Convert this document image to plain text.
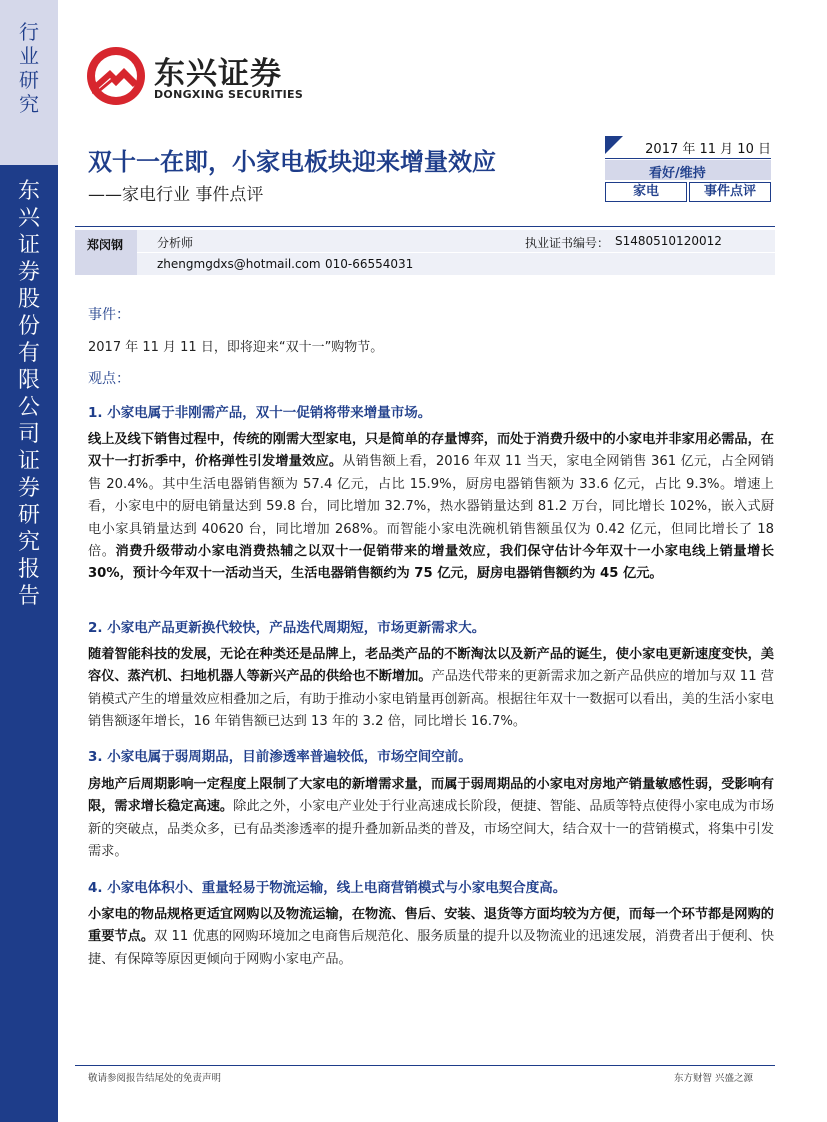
行
业
研
究
东
兴
证
券
股
份
有
限
公
司
证
券
研
究
报
告
东兴证券
DONGXING SECURITIES
双十一在即，小家电板块迎来增量效应
——家电行业 事件点评
2017 年 11 月 10 日
看好/维持
家电	事件点评
郑闵钢	分析师	执业证书编号： S1480510120012
zhengmgdxs@hotmail.com 010-66554031
事件：
2017 年 11 月 11 日，即将迎来“双十一”购物节。
观点：
1. 小家电属于非刚需产品，双十一促销将带来增量市场。
线上及线下销售过程中，传统的刚需大型家电，只是简单的存量博弈，而处于消费升级中的小家电并非家用必需品，在双十一打折季中，价格弹性引发增量效应。从销售额上看，2016 年双 11 当天，家电全网销售 361 亿元，占全网销售 20.4%。其中生活电器销售额为 57.4 亿元，占比 15.9%，厨房电器销售额为 33.6 亿元，占比 9.3%。增速上看，小家电中的厨电销量达到 59.8 台，同比增加 32.7%，热水器销量达到 81.2 万台，同比增长 102%，嵌入式厨电小家具销量达到 40620 台，同比增加 268%。而智能小家电洗碗机销售额虽仅为 0.42 亿元，但同比增长了 18 倍。消费升级带动小家电消费热辅之以双十一促销带来的增量效应，我们保守估计今年双十一小家电线上销量增长 30%，预计今年双十一活动当天，生活电器销售额约为 75 亿元，厨房电器销售额约为 45 亿元。
2. 小家电产品更新换代较快，产品迭代周期短，市场更新需求大。
随着智能科技的发展，无论在种类还是品牌上，老品类产品的不断淘汰以及新产品的诞生，使小家电更新速度变快，美容仪、蒸汽机、扫地机器人等新兴产品的供给也不断增加。产品迭代带来的更新需求加之新产品供应的增加与双 11 营销模式产生的增量效应相叠加之后，有助于推动小家电销量再创新高。根据往年双十一数据可以看出，美的生活小家电销售额逐年增长，16 年销售额已达到 13 年的 3.2 倍，同比增长 16.7%。
3. 小家电属于弱周期品，目前渗透率普遍较低，市场空间空前。
房地产后周期影响一定程度上限制了大家电的新增需求量，而属于弱周期品的小家电对房地产销量敏感性弱，受影响有限，需求增长稳定高速。除此之外，小家电产业处于行业高速成长阶段，便捷、智能、品质等特点使得小家电成为市场新的突破点，品类众多，已有品类渗透率的提升叠加新品类的普及，市场空间大，结合双十一的营销模式，将集中引发需求。
4. 小家电体积小、重量轻易于物流运输，线上电商营销模式与小家电契合度高。
小家电的物品规格更适宜网购以及物流运输，在物流、售后、安装、退货等方面均较为方便，而每一个环节都是网购的重要节点。双 11 优惠的网购环境加之电商售后规范化、服务质量的提升以及物流业的迅速发展，消费者出于便利、快捷、有保障等原因更倾向于网购小家电产品。
敬请参阅报告结尾处的免责声明	东方财智 兴盛之源
